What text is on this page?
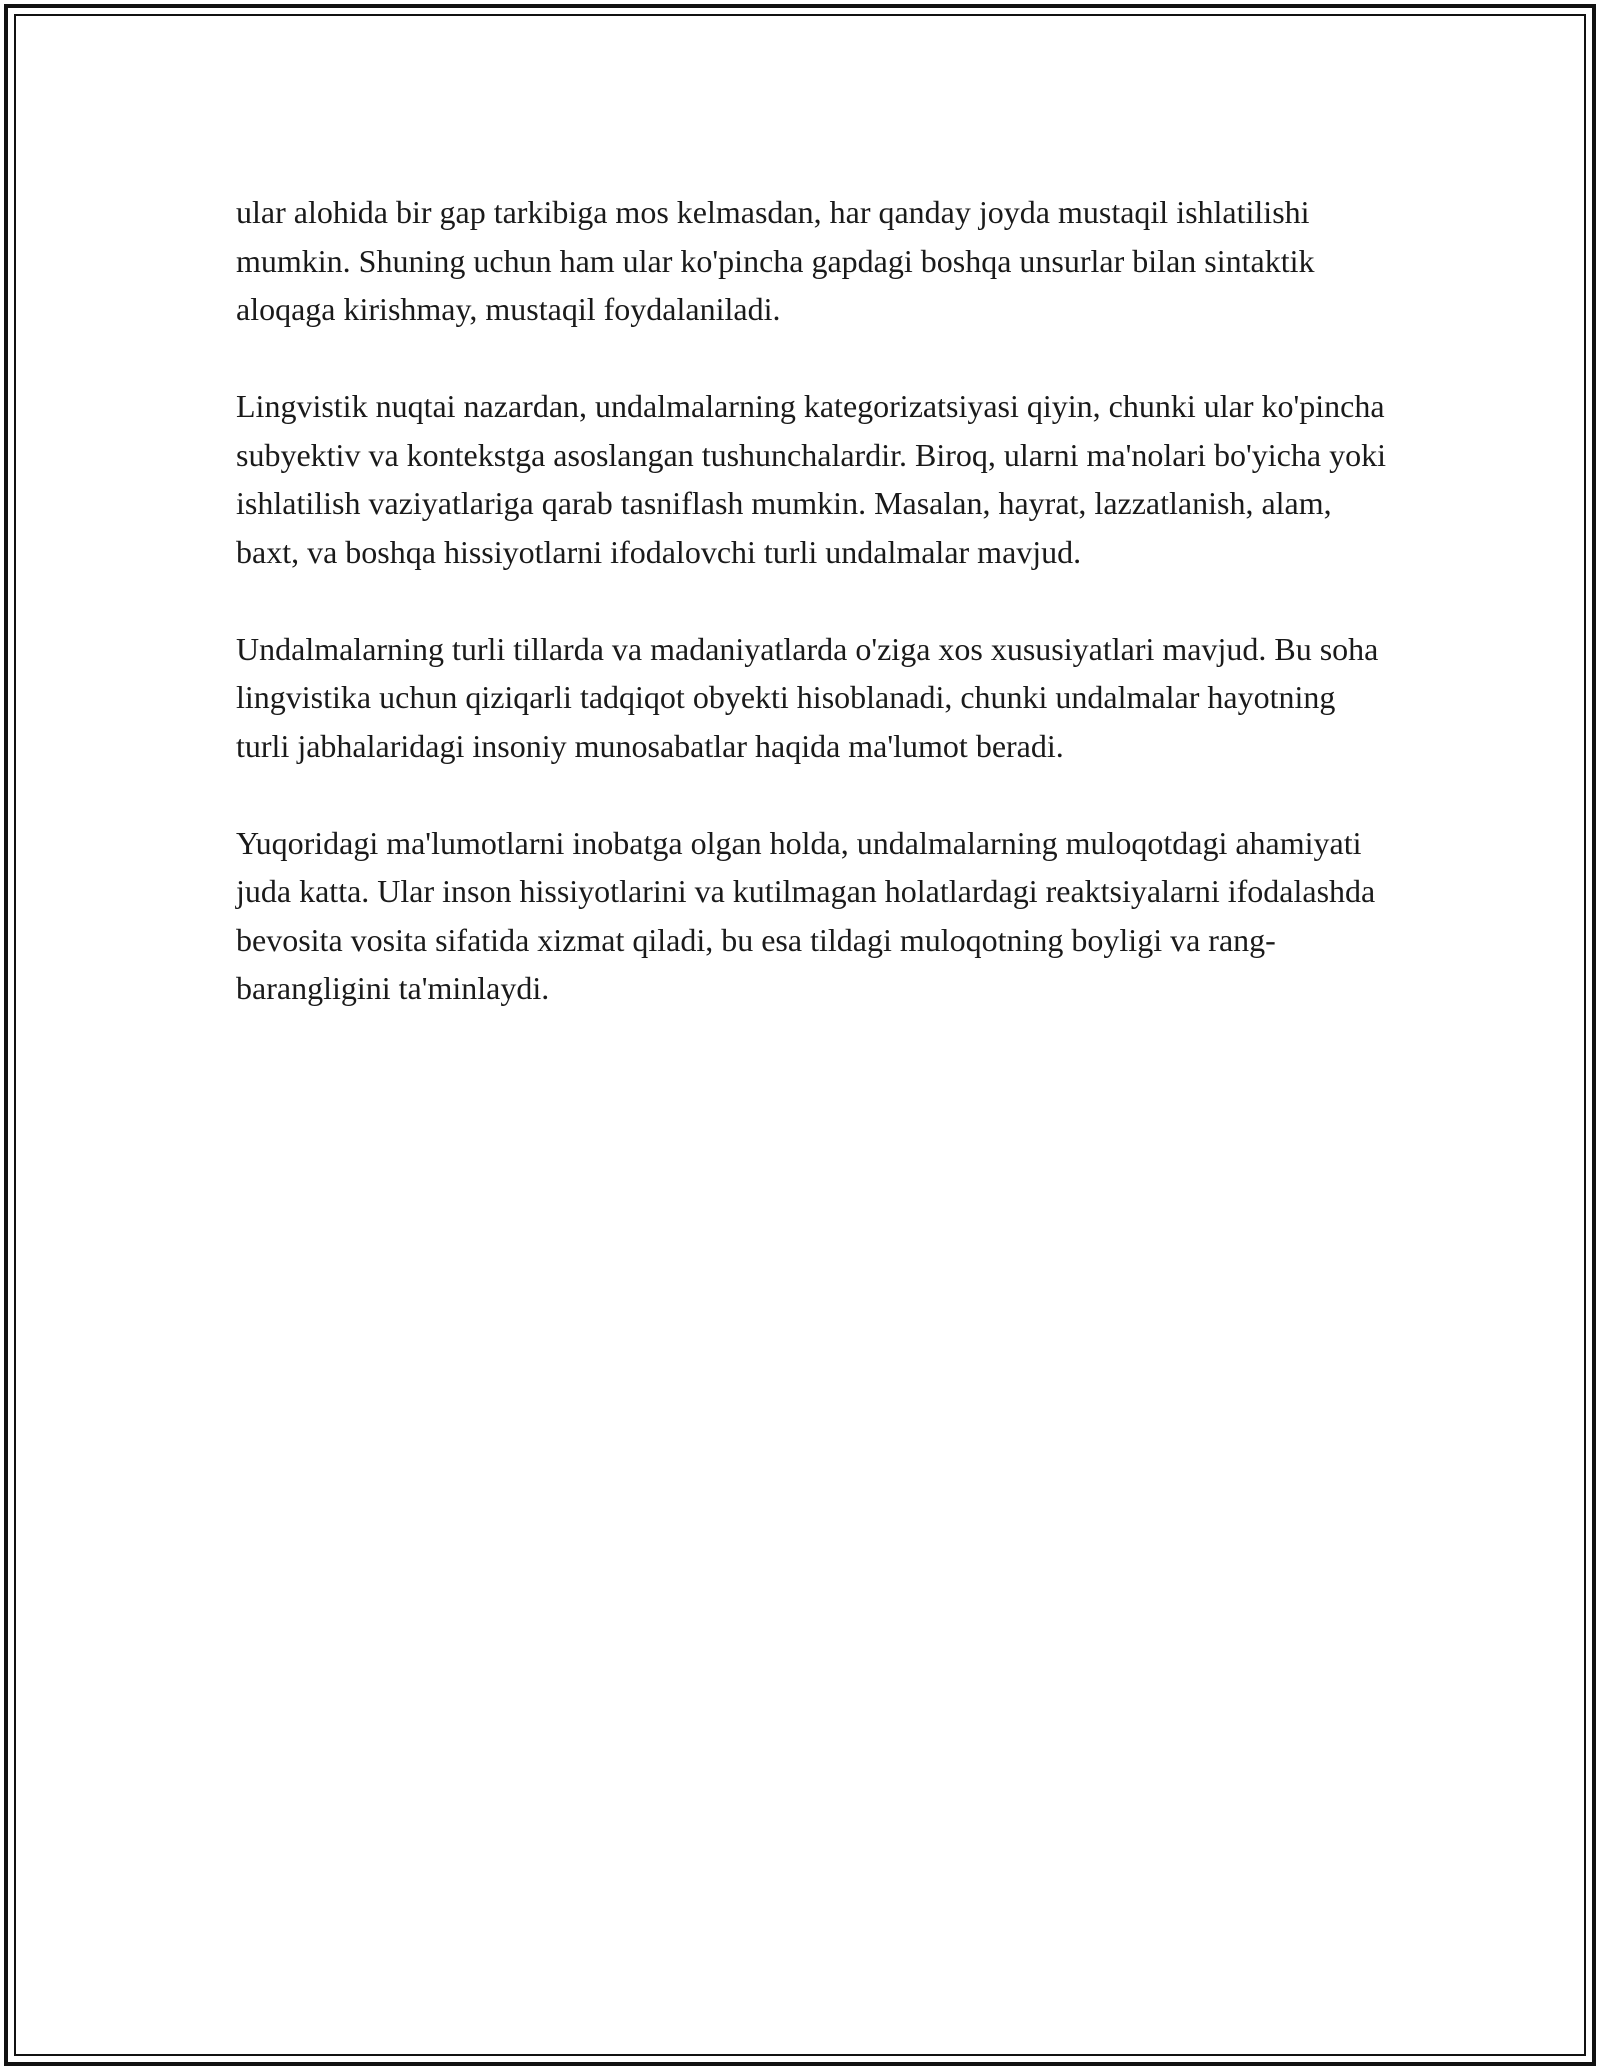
ular alohida bir gap tarkibiga mos kelmasdan, har qanday joyda mustaqil ishlatilishi mumkin. Shuning uchun ham ular ko'pincha gapdagi boshqa unsurlar bilan sintaktik aloqaga kirishmay, mustaqil foydalaniladi.

Lingvistik nuqtai nazardan, undalmalarning kategorizatsiyasi qiyin, chunki ular ko'pincha subyektiv va kontekstga asoslangan tushunchalardir. Biroq, ularni ma'nolari bo'yicha yoki ishlatilish vaziyatlariga qarab tasniflash mumkin. Masalan, hayrat, lazzatlanish, alam, baxt, va boshqa hissiyotlarni ifodalovchi turli undalmalar mavjud.

Undalmalarning turli tillarda va madaniyatlarda o'ziga xos xususiyatlari mavjud. Bu soha lingvistika uchun qiziqarli tadqiqot obyekti hisoblanadi, chunki undalmalar hayotning turli jabhalaridagi insoniy munosabatlar haqida ma'lumot beradi.

Yuqoridagi ma'lumotlarni inobatga olgan holda, undalmalarning muloqotdagi ahamiyati juda katta. Ular inson hissiyotlarini va kutilmagan holatlardagi reaktsiyalarni ifodalashda bevosita vosita sifatida xizmat qiladi, bu esa tildagi muloqotning boyligi va rang-barangligini ta'minlaydi.
